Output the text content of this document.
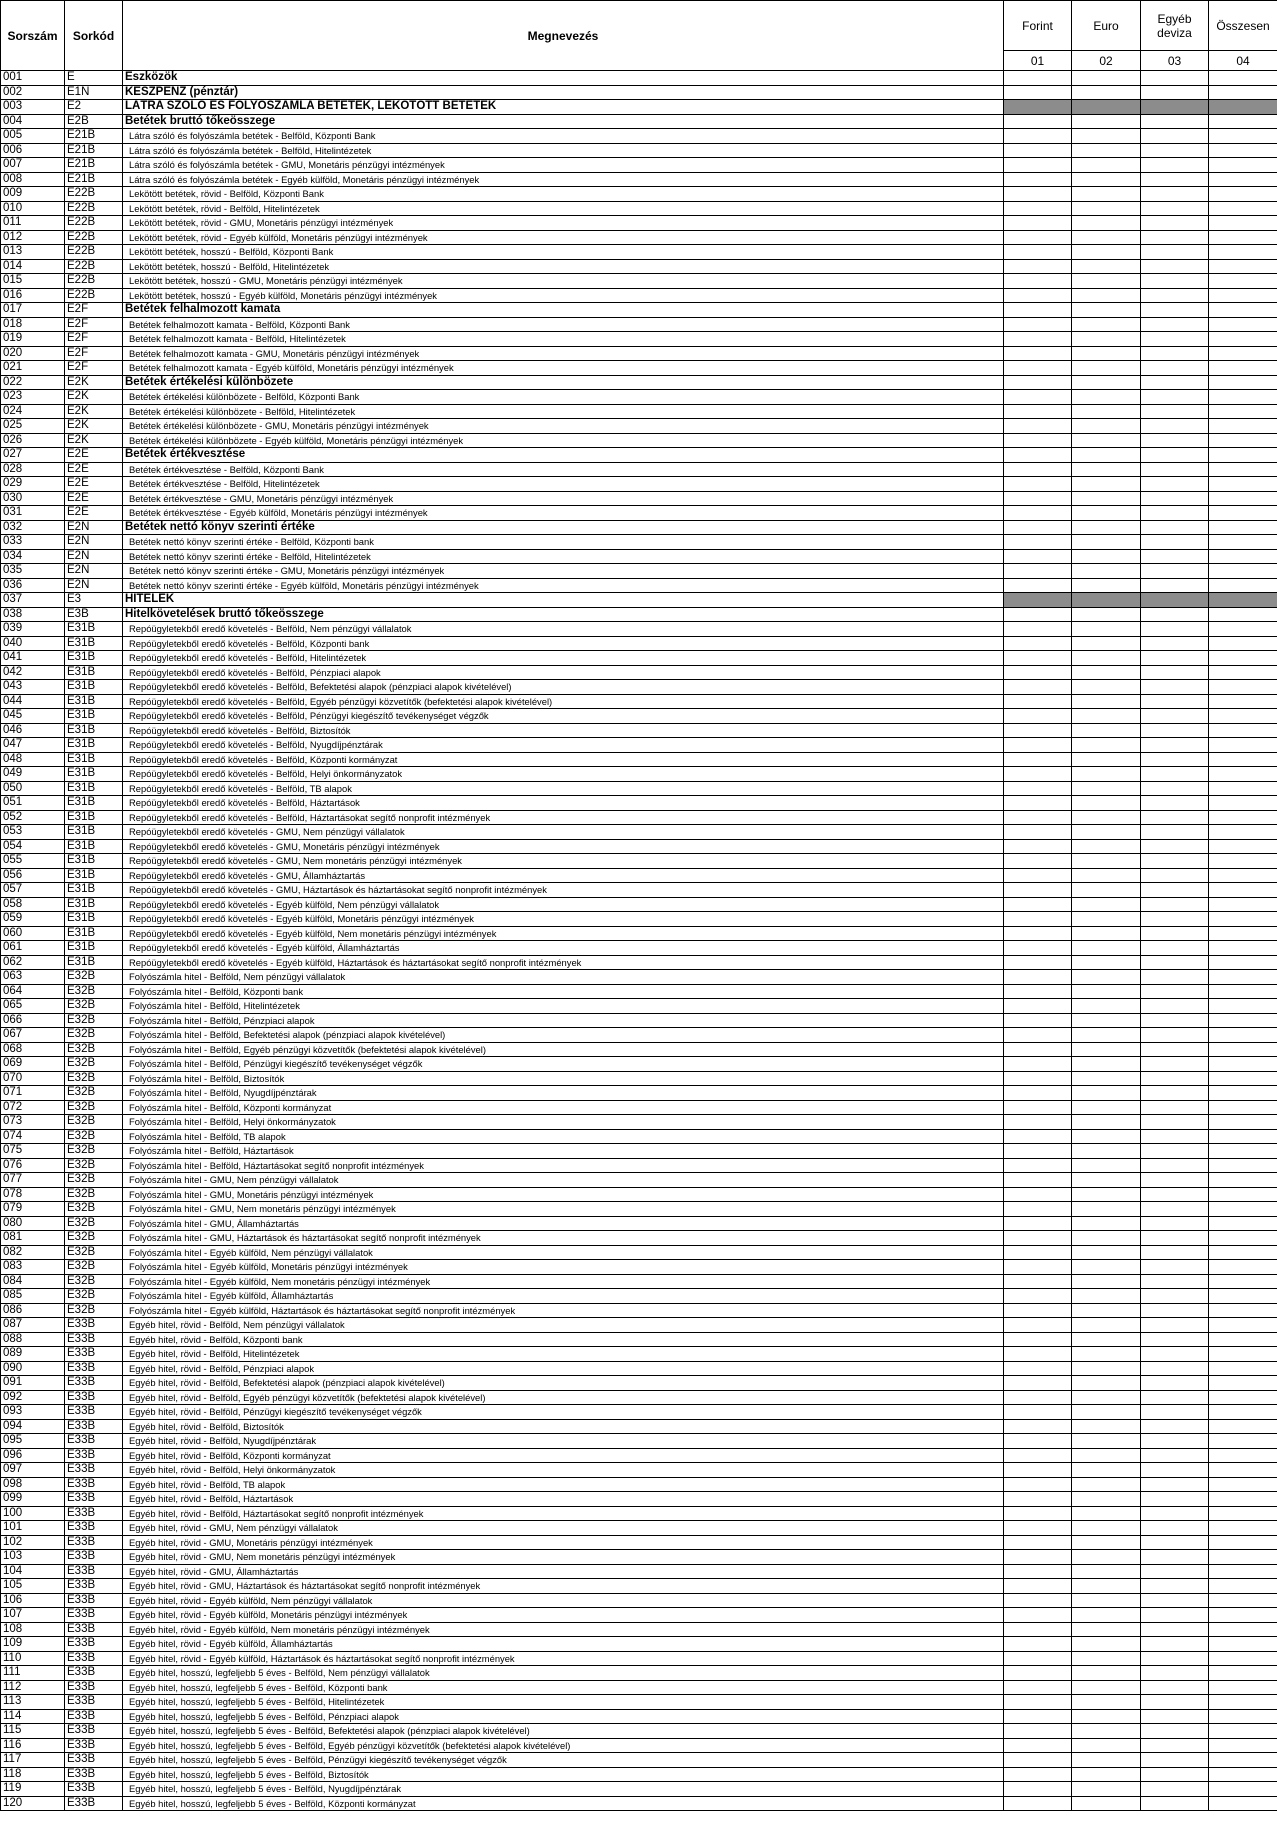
Sorszám	Sorkód	Megnevezés	Forint	Euro	Egyéb deviza	Összesen
			01	02	03	04
001	E	Eszközök				
002	E1N	KÉSZPÉNZ (pénztár)				
003	E2	LÁTRA SZÓLÓ ÉS FOLYÓSZÁMLA BETÉTEK, LEKÖTÖTT BETÉTEK				
004	E2B	Betétek bruttó tőkeösszege				
005	E21B	Látra szóló és folyószámla betétek - Belföld, Központi Bank				
006	E21B	Látra szóló és folyószámla betétek - Belföld, Hitelintézetek				
007	E21B	Látra szóló és folyószámla betétek - GMU, Monetáris pénzügyi intézmények				
008	E21B	Látra szóló és folyószámla betétek - Egyéb külföld, Monetáris pénzügyi intézmények				
009	E22B	Lekötött betétek, rövid - Belföld, Központi Bank				
010	E22B	Lekötött betétek, rövid - Belföld, Hitelintézetek				
011	E22B	Lekötött betétek, rövid - GMU, Monetáris pénzügyi intézmények				
012	E22B	Lekötött betétek, rövid - Egyéb külföld, Monetáris pénzügyi intézmények				
013	E22B	Lekötött betétek, hosszú - Belföld, Központi Bank				
014	E22B	Lekötött betétek, hosszú - Belföld, Hitelintézetek				
015	E22B	Lekötött betétek, hosszú - GMU, Monetáris pénzügyi intézmények				
016	E22B	Lekötött betétek, hosszú - Egyéb külföld, Monetáris pénzügyi intézmények				
017	E2F	Betétek felhalmozott kamata				
018	E2F	Betétek felhalmozott kamata - Belföld, Központi Bank				
019	E2F	Betétek felhalmozott kamata - Belföld, Hitelintézetek				
020	E2F	Betétek felhalmozott kamata - GMU, Monetáris pénzügyi intézmények				
021	E2F	Betétek felhalmozott kamata - Egyéb külföld, Monetáris pénzügyi intézmények				
022	E2K	Betétek értékelési különbözete				
023	E2K	Betétek értékelési különbözete - Belföld, Központi Bank				
024	E2K	Betétek értékelési különbözete - Belföld, Hitelintézetek				
025	E2K	Betétek értékelési különbözete - GMU, Monetáris pénzügyi intézmények				
026	E2K	Betétek értékelési különbözete - Egyéb külföld, Monetáris pénzügyi intézmények				
027	E2E	Betétek értékvesztése				
028	E2E	Betétek értékvesztése - Belföld, Központi Bank				
029	E2E	Betétek értékvesztése - Belföld, Hitelintézetek				
030	E2E	Betétek értékvesztése - GMU, Monetáris pénzügyi intézmények				
031	E2E	Betétek értékvesztése - Egyéb külföld, Monetáris pénzügyi intézmények				
032	E2N	Betétek nettó könyv szerinti értéke				
033	E2N	Betétek nettó könyv szerinti értéke - Belföld, Központi bank				
034	E2N	Betétek nettó könyv szerinti értéke - Belföld, Hitelintézetek				
035	E2N	Betétek nettó könyv szerinti értéke - GMU, Monetáris pénzügyi intézmények				
036	E2N	Betétek nettó könyv szerinti értéke - Egyéb külföld, Monetáris pénzügyi intézmények				
037	E3	HITELEK				
038	E3B	Hitelkövetelések bruttó tőkeösszege				
039	E31B	Repóügyletekből eredő követelés - Belföld, Nem pénzügyi vállalatok				
040	E31B	Repóügyletekből eredő követelés - Belföld, Központi bank				
041	E31B	Repóügyletekből eredő követelés - Belföld, Hitelintézetek				
042	E31B	Repóügyletekből eredő követelés - Belföld, Pénzpiaci alapok				
043	E31B	Repóügyletekből eredő követelés - Belföld, Befektetési alapok (pénzpiaci alapok kivételével)				
044	E31B	Repóügyletekből eredő követelés - Belföld, Egyéb pénzügyi közvetítők (befektetési alapok kivételével)				
045	E31B	Repóügyletekből eredő követelés - Belföld, Pénzügyi kiegészítő tevékenységet végzők				
046	E31B	Repóügyletekből eredő követelés - Belföld, Biztosítók				
047	E31B	Repóügyletekből eredő követelés - Belföld, Nyugdíjpénztárak				
048	E31B	Repóügyletekből eredő követelés - Belföld, Központi kormányzat				
049	E31B	Repóügyletekből eredő követelés - Belföld, Helyi önkormányzatok				
050	E31B	Repóügyletekből eredő követelés - Belföld, TB alapok				
051	E31B	Repóügyletekből eredő követelés - Belföld, Háztartások				
052	E31B	Repóügyletekből eredő követelés - Belföld, Háztartásokat segítő nonprofit intézmények				
053	E31B	Repóügyletekből eredő követelés - GMU, Nem pénzügyi vállalatok				
054	E31B	Repóügyletekből eredő követelés - GMU, Monetáris pénzügyi intézmények				
055	E31B	Repóügyletekből eredő követelés - GMU, Nem monetáris pénzügyi intézmények				
056	E31B	Repóügyletekből eredő követelés - GMU, Államháztartás				
057	E31B	Repóügyletekből eredő követelés - GMU, Háztartások és háztartásokat segítő nonprofit intézmények				
058	E31B	Repóügyletekből eredő követelés - Egyéb külföld, Nem pénzügyi vállalatok				
059	E31B	Repóügyletekből eredő követelés - Egyéb külföld, Monetáris pénzügyi intézmények				
060	E31B	Repóügyletekből eredő követelés - Egyéb külföld, Nem monetáris pénzügyi intézmények				
061	E31B	Repóügyletekből eredő követelés - Egyéb külföld, Államháztartás				
062	E31B	Repóügyletekből eredő követelés - Egyéb külföld, Háztartások és háztartásokat segítő nonprofit intézmények				
063	E32B	Folyószámla hitel - Belföld, Nem pénzügyi vállalatok				
064	E32B	Folyószámla hitel - Belföld, Központi bank				
065	E32B	Folyószámla hitel - Belföld, Hitelintézetek				
066	E32B	Folyószámla hitel - Belföld, Pénzpiaci alapok				
067	E32B	Folyószámla hitel - Belföld, Befektetési alapok (pénzpiaci alapok kivételével)				
068	E32B	Folyószámla hitel - Belföld, Egyéb pénzügyi közvetítők (befektetési alapok kivételével)				
069	E32B	Folyószámla hitel - Belföld, Pénzügyi kiegészítő tevékenységet végzők				
070	E32B	Folyószámla hitel - Belföld, Biztosítók				
071	E32B	Folyószámla hitel - Belföld, Nyugdíjpénztárak				
072	E32B	Folyószámla hitel - Belföld, Központi kormányzat				
073	E32B	Folyószámla hitel - Belföld, Helyi önkormányzatok				
074	E32B	Folyószámla hitel - Belföld, TB alapok				
075	E32B	Folyószámla hitel - Belföld, Háztartások				
076	E32B	Folyószámla hitel - Belföld, Háztartásokat segítő nonprofit intézmények				
077	E32B	Folyószámla hitel - GMU, Nem pénzügyi vállalatok				
078	E32B	Folyószámla hitel - GMU, Monetáris pénzügyi intézmények				
079	E32B	Folyószámla hitel - GMU, Nem monetáris pénzügyi intézmények				
080	E32B	Folyószámla hitel - GMU, Államháztartás				
081	E32B	Folyószámla hitel - GMU, Háztartások és háztartásokat segítő nonprofit intézmények				
082	E32B	Folyószámla hitel - Egyéb külföld, Nem pénzügyi vállalatok				
083	E32B	Folyószámla hitel - Egyéb külföld, Monetáris pénzügyi intézmények				
084	E32B	Folyószámla hitel - Egyéb külföld, Nem monetáris pénzügyi intézmények				
085	E32B	Folyószámla hitel - Egyéb külföld, Államháztartás				
086	E32B	Folyószámla hitel - Egyéb külföld, Háztartások és háztartásokat segítő nonprofit intézmények				
087	E33B	Egyéb hitel, rövid - Belföld, Nem pénzügyi vállalatok				
088	E33B	Egyéb hitel, rövid - Belföld, Központi bank				
089	E33B	Egyéb hitel, rövid - Belföld, Hitelintézetek				
090	E33B	Egyéb hitel, rövid - Belföld, Pénzpiaci alapok				
091	E33B	Egyéb hitel, rövid - Belföld, Befektetési alapok (pénzpiaci alapok kivételével)				
092	E33B	Egyéb hitel, rövid - Belföld, Egyéb pénzügyi közvetítők (befektetési alapok kivételével)				
093	E33B	Egyéb hitel, rövid - Belföld, Pénzügyi kiegészítő tevékenységet végzők				
094	E33B	Egyéb hitel, rövid - Belföld, Biztosítók				
095	E33B	Egyéb hitel, rövid - Belföld, Nyugdíjpénztárak				
096	E33B	Egyéb hitel, rövid - Belföld, Központi kormányzat				
097	E33B	Egyéb hitel, rövid - Belföld, Helyi önkormányzatok				
098	E33B	Egyéb hitel, rövid - Belföld, TB alapok				
099	E33B	Egyéb hitel, rövid - Belföld, Háztartások				
100	E33B	Egyéb hitel, rövid - Belföld, Háztartásokat segítő nonprofit intézmények				
101	E33B	Egyéb hitel, rövid - GMU, Nem pénzügyi vállalatok				
102	E33B	Egyéb hitel, rövid - GMU, Monetáris pénzügyi intézmények				
103	E33B	Egyéb hitel, rövid - GMU, Nem monetáris pénzügyi intézmények				
104	E33B	Egyéb hitel, rövid - GMU, Államháztartás				
105	E33B	Egyéb hitel, rövid - GMU, Háztartások és háztartásokat segítő nonprofit intézmények				
106	E33B	Egyéb hitel, rövid - Egyéb külföld, Nem pénzügyi vállalatok				
107	E33B	Egyéb hitel, rövid - Egyéb külföld, Monetáris pénzügyi intézmények				
108	E33B	Egyéb hitel, rövid - Egyéb külföld, Nem monetáris pénzügyi intézmények				
109	E33B	Egyéb hitel, rövid - Egyéb külföld, Államháztartás				
110	E33B	Egyéb hitel, rövid - Egyéb külföld, Háztartások és háztartásokat segítő nonprofit intézmények				
111	E33B	Egyéb hitel, hosszú, legfeljebb 5 éves - Belföld, Nem pénzügyi vállalatok				
112	E33B	Egyéb hitel, hosszú, legfeljebb 5 éves - Belföld, Központi bank				
113	E33B	Egyéb hitel, hosszú, legfeljebb 5 éves - Belföld, Hitelintézetek				
114	E33B	Egyéb hitel, hosszú, legfeljebb 5 éves - Belföld, Pénzpiaci alapok				
115	E33B	Egyéb hitel, hosszú, legfeljebb 5 éves - Belföld, Befektetési alapok (pénzpiaci alapok kivételével)				
116	E33B	Egyéb hitel, hosszú, legfeljebb 5 éves - Belföld, Egyéb pénzügyi közvetítők (befektetési alapok kivételével)				
117	E33B	Egyéb hitel, hosszú, legfeljebb 5 éves - Belföld, Pénzügyi kiegészítő tevékenységet végzők				
118	E33B	Egyéb hitel, hosszú, legfeljebb 5 éves - Belföld, Biztosítók				
119	E33B	Egyéb hitel, hosszú, legfeljebb 5 éves - Belföld, Nyugdíjpénztárak				
120	E33B	Egyéb hitel, hosszú, legfeljebb 5 éves - Belföld, Központi kormányzat				
